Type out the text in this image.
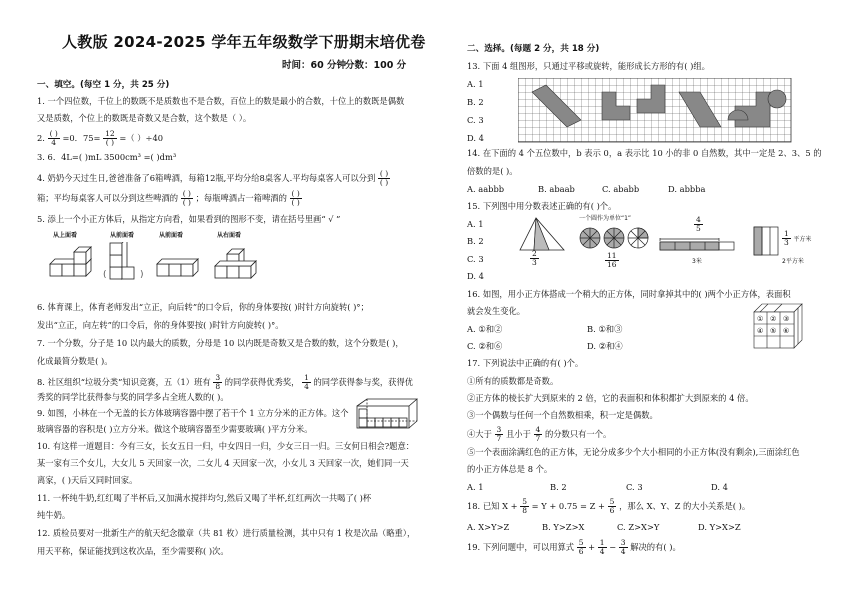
人教版 2024-2025 学年五年级数学下册期末培优卷
时间：60 分钟
分数：100 分
一、填空。(每空 1 分，共 25 分)
1. 一个四位数，千位上的数既不是质数也不是合数，百位上的数是最小的合数，十位上的数既是偶数
又是质数，个位上的数既是奇数又是合数，这个数是（ ）。
2. $\frac{( )}{4} =0$．$75= \frac{12}{( )}$ =（ ）÷40
3. 6．4L=( )mL 3500cm³ =( )dm³
4. 奶奶今天过生日,爸爸准备了6箱啤酒，每箱12瓶,平均分给8桌客人.平均每桌客人可以分到 $\frac{( )}{( )}$
箱；平均每桌客人可以分到这些啤酒的 $\frac{( )}{( )}$ ；每瓶啤酒占一箱啤酒的 $\frac{( )}{( )}$
5. 添上一个小正方体后，从指定方向看，如果看到的图形不变，请在括号里画“ √ ”
从上面看	从前面看	从前面看	从右面看
(	)
6. 体育课上，体育老师发出“立正，向后转”的口令后，你的身体要按( )时针方向旋转( )°；
发出“立正，向左转”的口令后，你的身体要按( )时针方向旋转( )°。
7. 一个分数，分子是 10 以内最大的质数，分母是 10 以内既是奇数又是合数的数，这个分数是( )，
化成最简分数是( )。
8. 社区组织“垃圾分类”知识竞赛，五（1）班有 $\frac{3}{8}$ 的同学获得优秀奖， $\frac{1}{4}$ 的同学获得参与奖，获得优
秀奖的同学比获得参与奖的同学多占全班人数的( )。
9. 如图，小林在一个无盖的长方体玻璃容器中摆了若干个 1 立方分米的正方体。这个
玻璃容器的容积是( )立方分米。做这个玻璃容器至少需要玻璃( )平方分米。
10. 有这样一道题目：今有三女，长女五日一归，中女四日一归，少女三日一归。三女何日相会?题意：
某一家有三个女儿，大女儿 5 天回家一次，二女儿 4 天回家一次，小女儿 3 天回家一次，她们同一天
离家，( )天后又同时回家。
11. 一杯纯牛奶,红红喝了半杯后,又加满水搅拌均匀,然后又喝了半杯,红红两次一共喝了( )杯
纯牛奶。
12. 质检员要对一批新生产的航天纪念徽章（共 81 枚）进行质量检测，其中只有 1 枚是次品（略重），
用天平称，保证能找到这枚次品，至少需要称( )次。
二、选择。(每题 2 分，共 18 分)
13. 下面 4 组图形，只通过平移或旋转，能形成长方形的有( )组。
A. 1
B. 2
C. 3
D. 4
14. 在下面的 4 个五位数中，b 表示 0，a 表示比 10 小的非 0 自然数，其中一定是 2、3、5 的
倍数的是( )。
A. aabbb	B. abaab	C. ababb	D. abbba
15. 下列图中用分数表述正确的有( )个。
A. 1
B. 2
C. 3
D. 4
$\frac{2}{3}$
一个圆作为单位“1”
$\frac{11}{16}$
$\frac{4}{5}$
3米
$\frac{1}{3}$ 平方米
2平方米
16. 如图，用小正方体搭成一个稍大的正方体，同时拿掉其中的( )两个小正方体，表面积
就会发生变化。
A. ①和②	B. ①和③
C. ②和⑥	D. ②和④
① ② ③
④ ⑤ ⑥
17. 下列说法中正确的有( )个。
①所有的质数都是奇数。
②正方体的棱长扩大到原来的 2 倍，它的表面积和体积都扩大到原来的 4 倍。
③一个偶数与任何一个自然数相乘，积一定是偶数。
④大于 $\frac{3}{7}$ 且小于 $\frac{4}{7}$ 的分数只有一个。
⑤一个表面涂满红色的正方体，无论分成多少个大小相同的小正方体(没有剩余),三面涂红色
的小正方体总是 8 个。
A. 1	B. 2	C. 3	D. 4
18. 已知 $X + \frac{5}{8} = Y + 0.75 = Z + \frac{5}{6}$ ，那么 X、Y、Z 的大小关系是( )。
A. X>Y>Z	B. Y>Z>X	C. Z>X>Y	D. Y>X>Z
19. 下列问题中，可以用算式 $\frac{5}{6} + \frac{1}{4} - \frac{3}{4}$ 解决的有( )。
